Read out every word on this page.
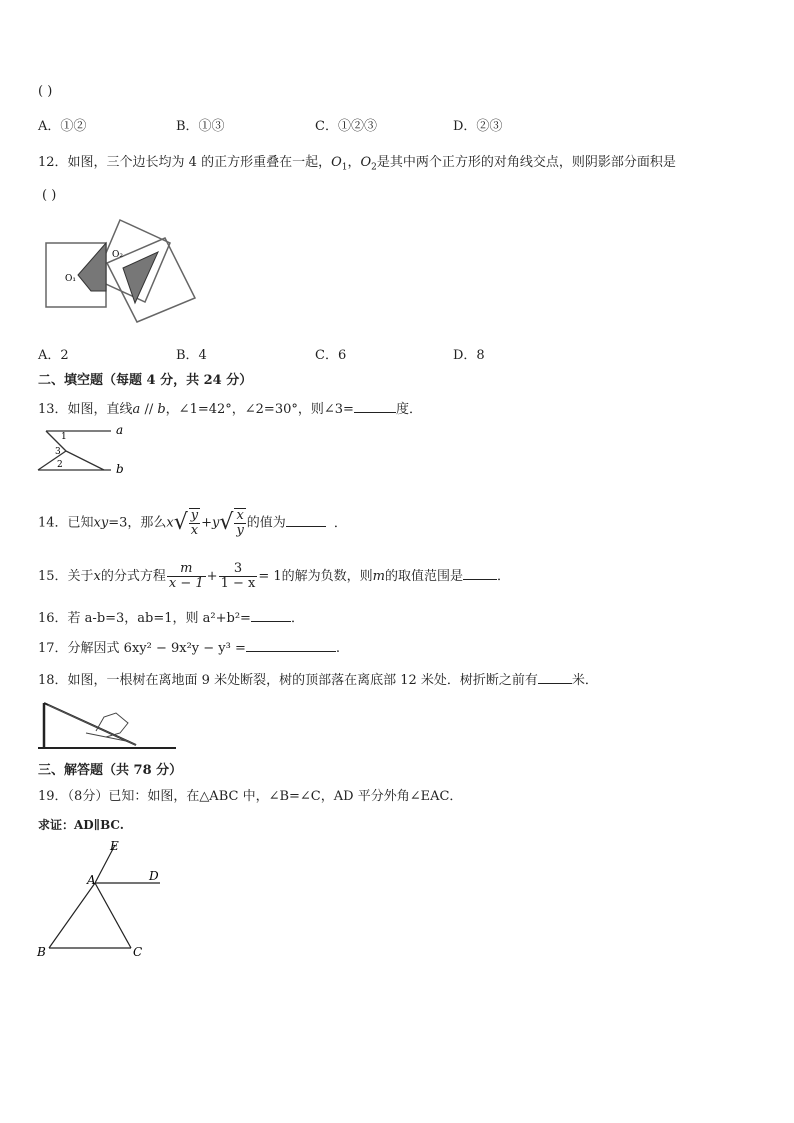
( )
A．①②	B．①③	C．①②③	D．②③
12．如图，三个边长均为 4 的正方形重叠在一起，$O_1$，$O_2$是其中两个正方形的对角线交点，则阴影部分面积是
( )
O₁
O₂
A．2	B．4	C．6	D．8
二、填空题（每题 4 分，共 24 分）
13．如图，直线a // b，∠1=42°，∠2=30°，则∠3=	度．
a
b
1
3
2
14．已知xy=3，那么$x√ \frac{y}{x} +y√ \frac{x}{y}$ 的值为	．
15．关于x的分式方程 $\frac{m}{x - 1} + \frac{3}{1 - x} = 1$的解为负数，则m的取值范围是	．
16．若 a-b=3，ab=1，则 a²+b²=	．
17．分解因式 6xy² − 9x²y − y³ =	.
18．如图，一根树在离地面 9 米处断裂，树的顶部落在离底部 12 米处．树折断之前有	米．
三、解答题（共 78 分）
19．（8分）已知：如图，在△ABC 中，∠B=∠C，AD 平分外角∠EAC．
求证：AD∥BC.
E
A	D
B	C
